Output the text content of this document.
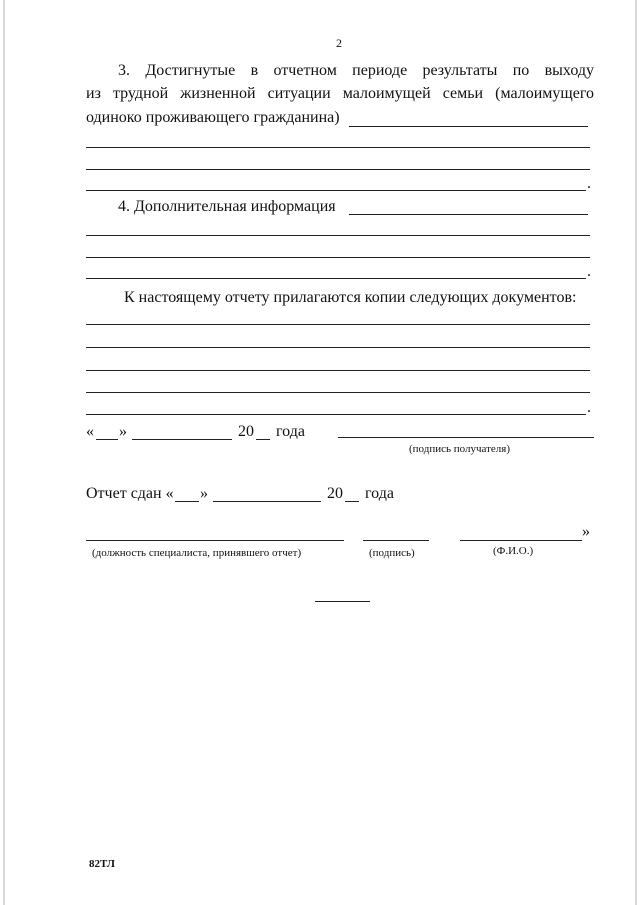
2
3. Достигнутые в отчетном периоде результаты по выходу
из трудной жизненной ситуации малоимущей семьи (малоимущего
одиноко проживающего гражданина)
.
4. Дополнительная информация
.
К настоящему отчету прилагаются копии следующих документов:
.
« »	20 года
(подпись получателя)
Отчет сдан « »	20 года
»
(должность специалиста, принявшего отчет)	(подпись)	(Ф.И.О.)
82ТЛ
